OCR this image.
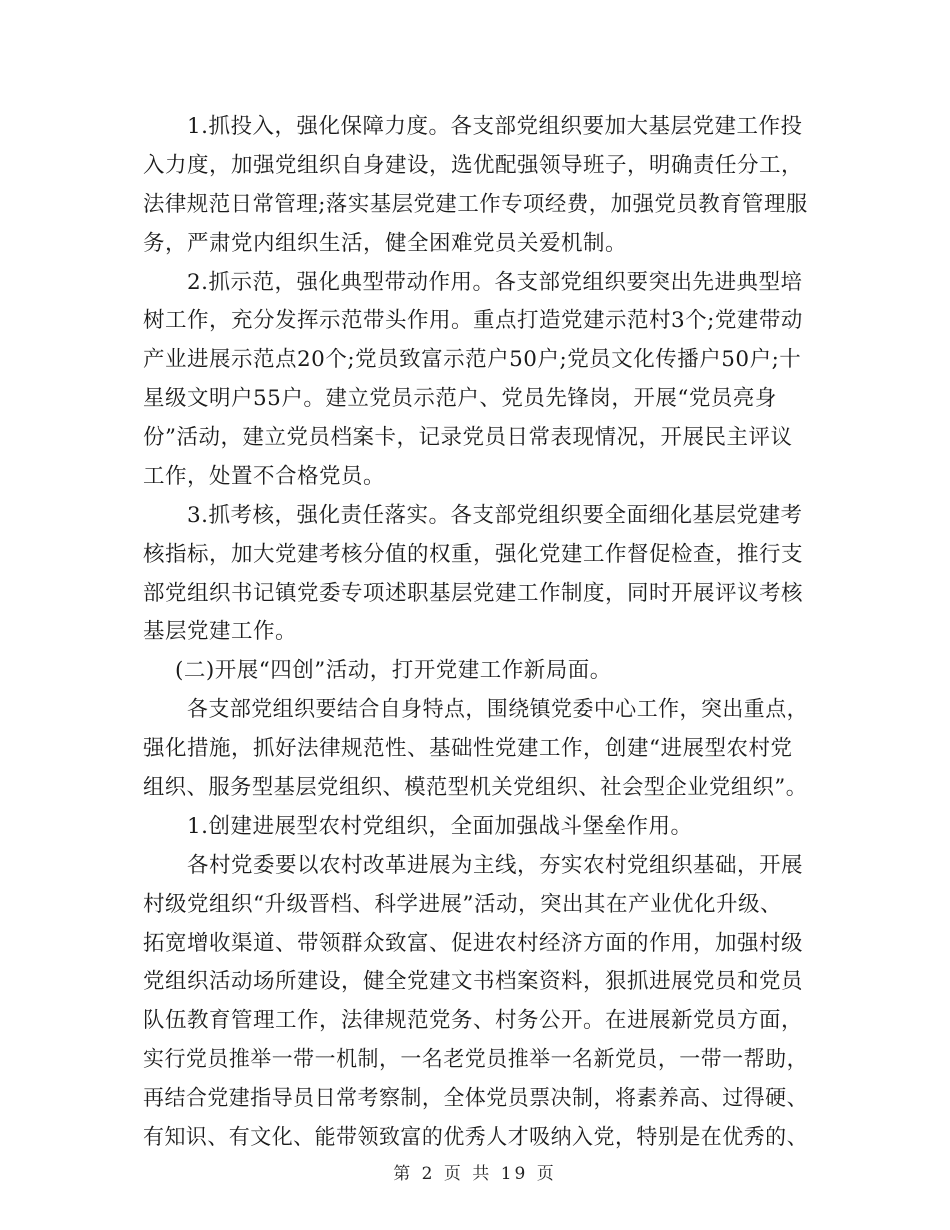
1.抓投入，强化保障力度。各支部党组织要加大基层党建工作投
入力度，加强党组织自身建设，选优配强领导班子，明确责任分工，
法律规范日常管理;落实基层党建工作专项经费，加强党员教育管理服
务，严肃党内组织生活，健全困难党员关爱机制。
2.抓示范，强化典型带动作用。各支部党组织要突出先进典型培
树工作，充分发挥示范带头作用。重点打造党建示范村3个;党建带动
产业进展示范点20个;党员致富示范户50户;党员文化传播户50户;十
星级文明户55户。建立党员示范户、党员先锋岗，开展“党员亮身
份”活动，建立党员档案卡，记录党员日常表现情况，开展民主评议
工作，处置不合格党员。
3.抓考核，强化责任落实。各支部党组织要全面细化基层党建考
核指标，加大党建考核分值的权重，强化党建工作督促检查，推行支
部党组织书记镇党委专项述职基层党建工作制度，同时开展评议考核
基层党建工作。
(二)开展“四创”活动，打开党建工作新局面。
各支部党组织要结合自身特点，围绕镇党委中心工作，突出重点，
强化措施，抓好法律规范性、基础性党建工作，创建“进展型农村党
组织、服务型基层党组织、模范型机关党组织、社会型企业党组织”。
1.创建进展型农村党组织，全面加强战斗堡垒作用。
各村党委要以农村改革进展为主线，夯实农村党组织基础，开展
村级党组织“升级晋档、科学进展”活动，突出其在产业优化升级、
拓宽增收渠道、带领群众致富、促进农村经济方面的作用，加强村级
党组织活动场所建设，健全党建文书档案资料，狠抓进展党员和党员
队伍教育管理工作，法律规范党务、村务公开。在进展新党员方面，
实行党员推举一带一机制，一名老党员推举一名新党员，一带一帮助，
再结合党建指导员日常考察制，全体党员票决制，将素养高、过得硬、
有知识、有文化、能带领致富的优秀人才吸纳入党，特别是在优秀的、
第 2 页 共 19 页
